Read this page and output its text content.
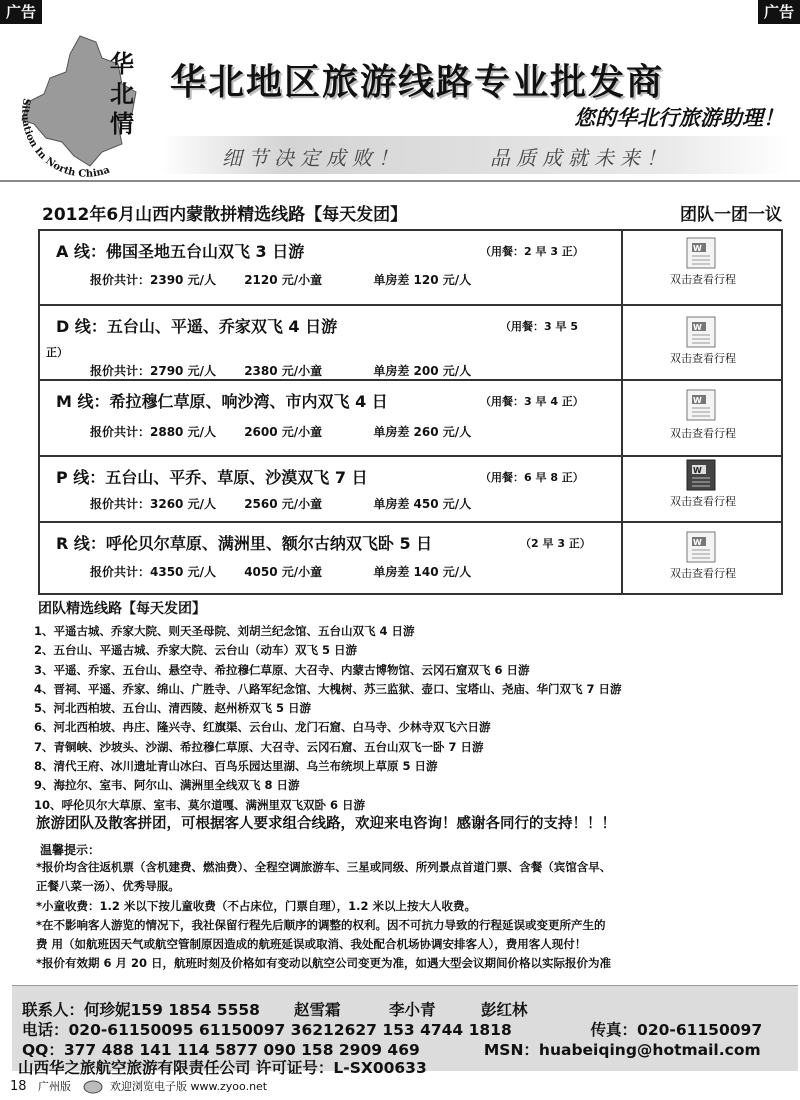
广告	广告
华
北
情
Situation In North China
华北地区旅游线路专业批发商
您的华北行旅游助理！
细节决定成败！	品质成就未来！
2012年6月山西内蒙散拼精选线路【每天发团】	团队一团一议
A 线：佛国圣地五台山双飞 3 日游	（用餐：2 早 3 正）
报价共计：2390 元/人 2120 元/小童	单房差 120 元/人
W
双击查看行程
D 线：五台山、平遥、乔家双飞 4 日游	（用餐：3 早 5
正）
报价共计：2790 元/人 2380 元/小童	单房差 200 元/人
W
双击查看行程
M 线：希拉穆仁草原、响沙湾、市内双飞 4 日	（用餐：3 早 4 正）
报价共计：2880 元/人 2600 元/小童	单房差 260 元/人
W
双击查看行程
P 线：五台山、平乔、草原、沙漠双飞 7 日	（用餐：6 早 8 正）
报价共计：3260 元/人 2560 元/小童	单房差 450 元/人
W
双击查看行程
R 线：呼伦贝尔草原、满洲里、额尔古纳双飞卧 5 日	（2 早 3 正）
报价共计：4350 元/人 4050 元/小童	单房差 140 元/人
W
双击查看行程
团队精选线路【每天发团】
1、平遥古城、乔家大院、则天圣母院、刘胡兰纪念馆、五台山双飞 4 日游
2、五台山、平遥古城、乔家大院、云台山（动车）双飞 5 日游
3、平遥、乔家、五台山、悬空寺、希拉穆仁草原、大召寺、内蒙古博物馆、云冈石窟双飞 6 日游
4、晋祠、平遥、乔家、绵山、广胜寺、八路军纪念馆、大槐树、苏三监狱、壶口、宝塔山、尧庙、华门双飞 7 日游
5、河北西柏坡、五台山、清西陵、赵州桥双飞 5 日游
6、河北西柏坡、冉庄、隆兴寺、红旗渠、云台山、龙门石窟、白马寺、少林寺双飞六日游
7、青铜峡、沙坡头、沙湖、希拉穆仁草原、大召寺、云冈石窟、五台山双飞一卧 7 日游
8、清代王府、冰川遗址青山冰臼、百鸟乐园达里湖、乌兰布统坝上草原 5 日游
9、海拉尔、室韦、阿尔山、满洲里全线双飞 8 日游
10、呼伦贝尔大草原、室韦、莫尔道嘎、满洲里双飞双卧 6 日游
旅游团队及散客拼团，可根据客人要求组合线路，欢迎来电咨询！感谢各同行的支持！！！
温馨提示：
*报价均含往返机票（含机建费、燃油费）、全程空调旅游车、三星或同级、所列景点首道门票、含餐（宾馆含早、
正餐八菜一汤）、优秀导服。
*小童收费：1.2 米以下按儿童收费（不占床位，门票自理），1.2 米以上按大人收费。
*在不影响客人游览的情况下，我社保留行程先后顺序的调整的权利。因不可抗力导致的行程延误或变更所产生的
费 用（如航班因天气或航空管制原因造成的航班延误或取消、我处配合机场协调安排客人），费用客人现付！
*报价有效期 6 月 20 日，航班时刻及价格如有变动以航空公司变更为准，如遇大型会议期间价格以实际报价为准
联系人：何珍妮159 1854 5558 赵雪霜	李小青	彭红林
电话：020-61150095 61150097 36212627 153 4744 1818	传真：020-61150097
QQ：377 488 141 114 5877 090 158 2909 469	MSN：huabeiqing@hotmail.com
山西华之旅航空旅游有限责任公司 许可证号：L-SX00633
18 广州版	欢迎浏览电子版 www.zyoo.net
